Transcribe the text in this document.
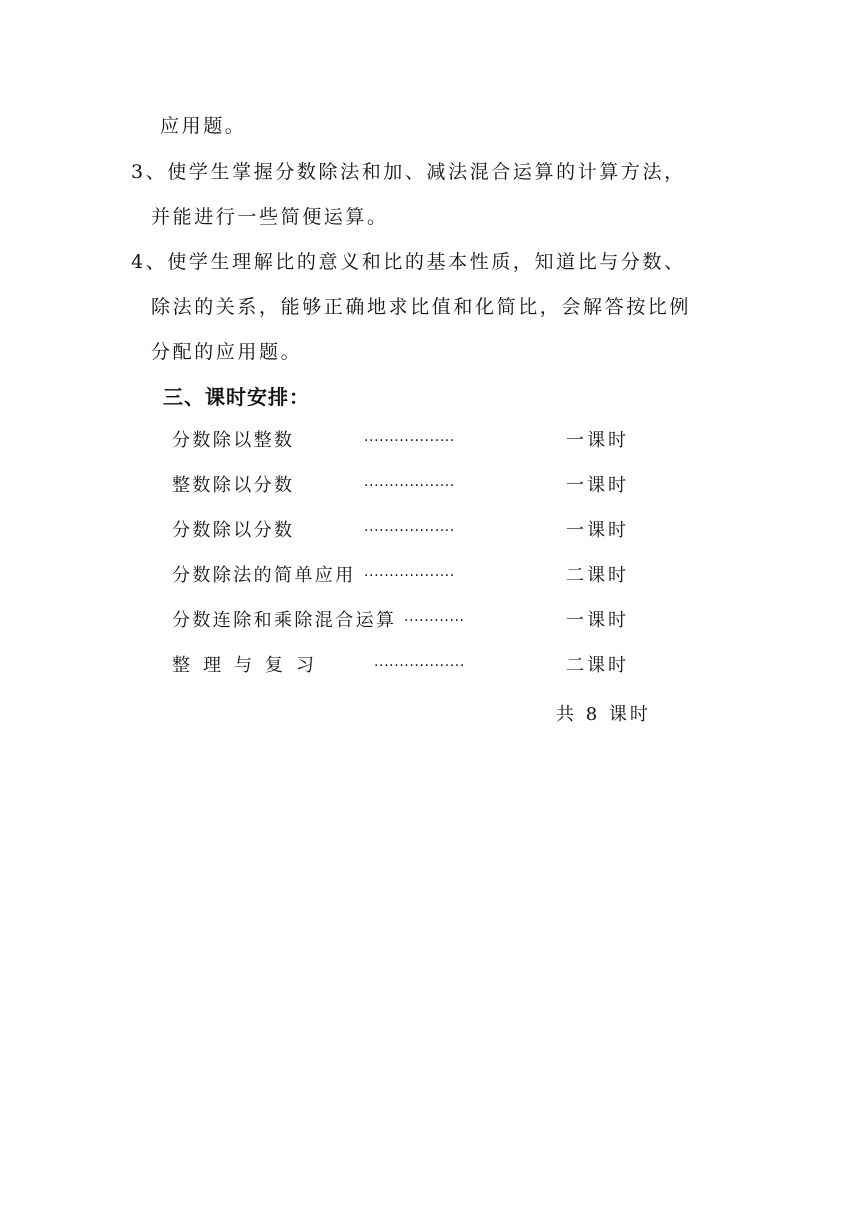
应用题。
3、使学生掌握分数除法和加、减法混合运算的计算方法，
并能进行一些简便运算。
4、使学生理解比的意义和比的基本性质，知道比与分数、
除法的关系，能够正确地求比值和化简比，会解答按比例
分配的应用题。
三、课时安排：
分数除以整数	··················	一课时
整数除以分数	··················	一课时
分数除以分数	··················	一课时
分数除法的简单应用 ··················	二课时
分数连除和乘除混合运算 ············	一课时
整理与复习	··················	二课时
共 8 课时
